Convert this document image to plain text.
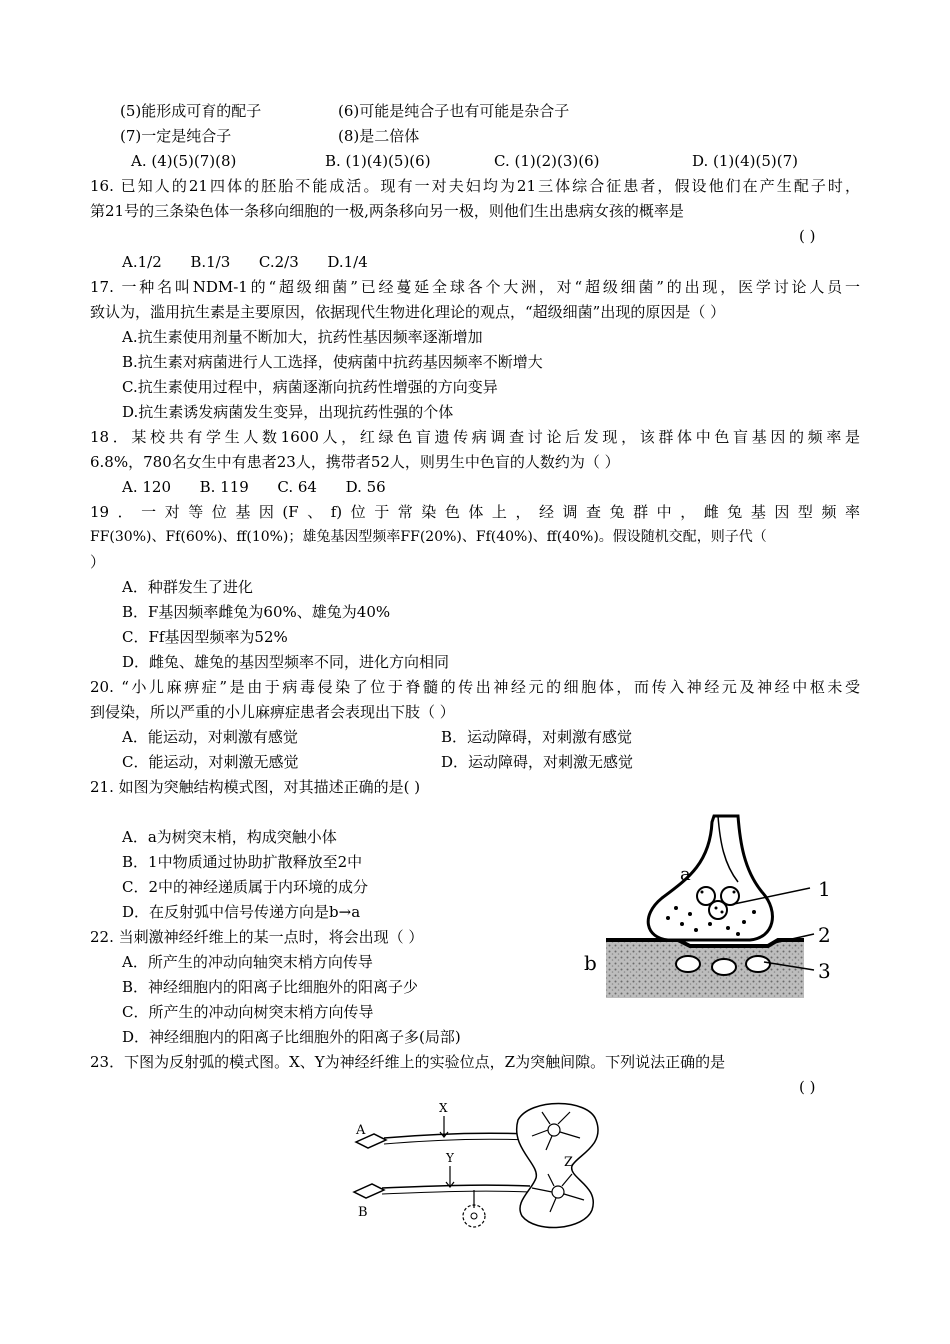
(5)能形成可育的配子	(6)可能是纯合子也有可能是杂合子
(7)一定是纯合子	(8)是二倍体
A. (4)(5)(7)(8)	B. (1)(4)(5)(6)	C. (1)(2)(3)(6)	D. (1)(4)(5)(7)
16. 已知人的21四体的胚胎不能成活。现有一对夫妇均为21三体综合征患者，假设他们在产生配子时，
第21号的三条染色体一条移向细胞的一极,两条移向另一极，则他们生出患病女孩的概率是
( )
A.1/2      B.1/3      C.2/3      D.1/4
17. 一种名叫NDM-1的“超级细菌”已经蔓延全球各个大洲，对“超级细菌”的出现，医学讨论人员一
致认为，滥用抗生素是主要原因，依据现代生物进化理论的观点，“超级细菌”出现的原因是（ ）
A.抗生素使用剂量不断加大，抗药性基因频率逐渐增加
B.抗生素对病菌进行人工选择，使病菌中抗药基因频率不断增大
C.抗生素使用过程中，病菌逐渐向抗药性增强的方向变异
D.抗生素诱发病菌发生变异，出现抗药性强的个体
18．某校共有学生人数1600人，红绿色盲遗传病调查讨论后发现，该群体中色盲基因的频率是
6.8%，780名女生中有患者23人，携带者52人，则男生中色盲的人数约为（ ）
A. 120      B. 119      C. 64      D. 56
19．一对等位基因(F、f)位于常染色体上，经调查兔群中，雌兔基因型频率
FF(30%)、Ff(60%)、ff(10%)；雄兔基因型频率FF(20%)、Ff(40%)、ff(40%)。假设随机交配，则子代（
）
A．种群发生了进化
B．F基因频率雌兔为60%、雄兔为40%
C．Ff基因型频率为52%
D．雌兔、雄兔的基因型频率不同，进化方向相同
20. “小儿麻痹症”是由于病毒侵染了位于脊髓的传出神经元的细胞体，而传入神经元及神经中枢未受
到侵染，所以严重的小儿麻痹症患者会表现出下肢（ ）
A．能运动，对刺激有感觉	B．运动障碍，对刺激有感觉
C．能运动，对刺激无感觉	D．运动障碍，对刺激无感觉
21. 如图为突触结构模式图，对其描述正确的是( )
A．a为树突末梢，构成突触小体
B．1中物质通过协助扩散释放至2中
C．2中的神经递质属于内环境的成分
D．在反射弧中信号传递方向是b→a
a
b
1
2
3
22. 当刺激神经纤维上的某一点时，将会出现（ ）
A．所产生的冲动向轴突末梢方向传导
B．神经细胞内的阳离子比细胞外的阳离子少
C．所产生的冲动向树突末梢方向传导
D．神经细胞内的阳离子比细胞外的阳离子多(局部)
23．下图为反射弧的模式图。X、Y为神经纤维上的实验位点，Z为突触间隙。下列说法正确的是
( )
A
B
X
Y	Z
